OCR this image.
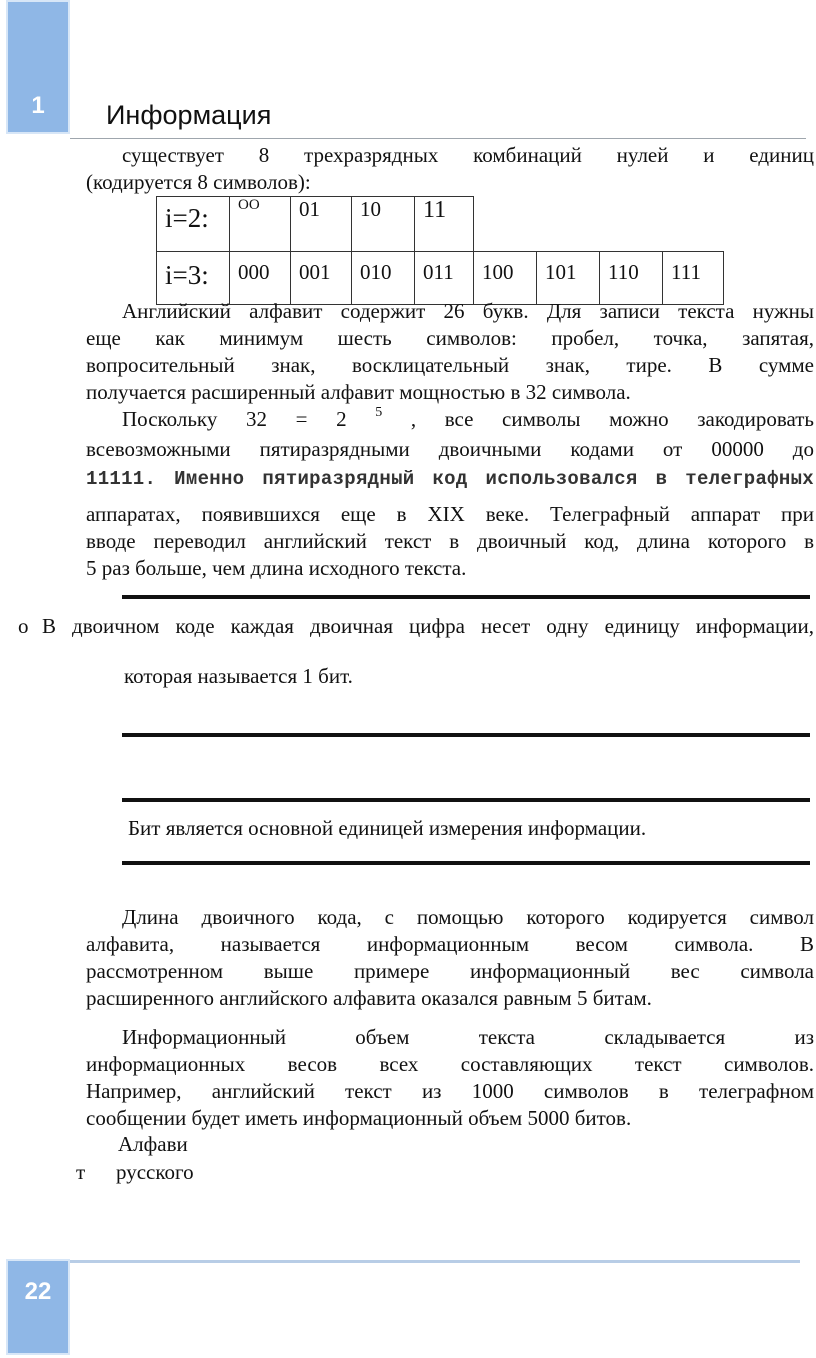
1	Информация
существует 8 трехразрядных комбинаций нулей и единиц
(кодируется 8 символов):
i=2:	ОО	01	10	11				
i=3:	000	001	010	011	100	101	110	111
Английский алфавит содержит 26 букв. Для записи текста нужны
еще как минимум шесть символов: пробел, точка, запятая,
вопросительный знак, восклицательный знак, тире. В сумме
получается расширенный алфавит мощностью в 32 символа.
Поскольку 32 = 2 $^5$ , все символы можно закодировать
всевозможными пятиразрядными двоичными кодами от 00000 до
11111. Именно пятиразрядный код использовался в телеграфных
аппаратах, появившихся еще в XIX веке. Телеграфный аппарат при
вводе переводил английский текст в двоичный код, длина которого в
5 раз больше, чем длина исходного текста.
о В двоичном коде каждая двоичная цифра несет одну единицу информации,
которая называется 1 бит.
Бит является основной единицей измерения информации.
Длина двоичного кода, с помощью которого кодируется символ
алфавита, называется информационным весом символа. В
рассмотренном выше примере информационный вес символа
расширенного английского алфавита оказался равным 5 битам.
Информационный объем текста складывается из
информационных весов всех составляющих текст символов.
Например, английский текст из 1000 символов в телеграфном
сообщении будет иметь информационный объем 5000 битов.
Алфави
т русского
22
